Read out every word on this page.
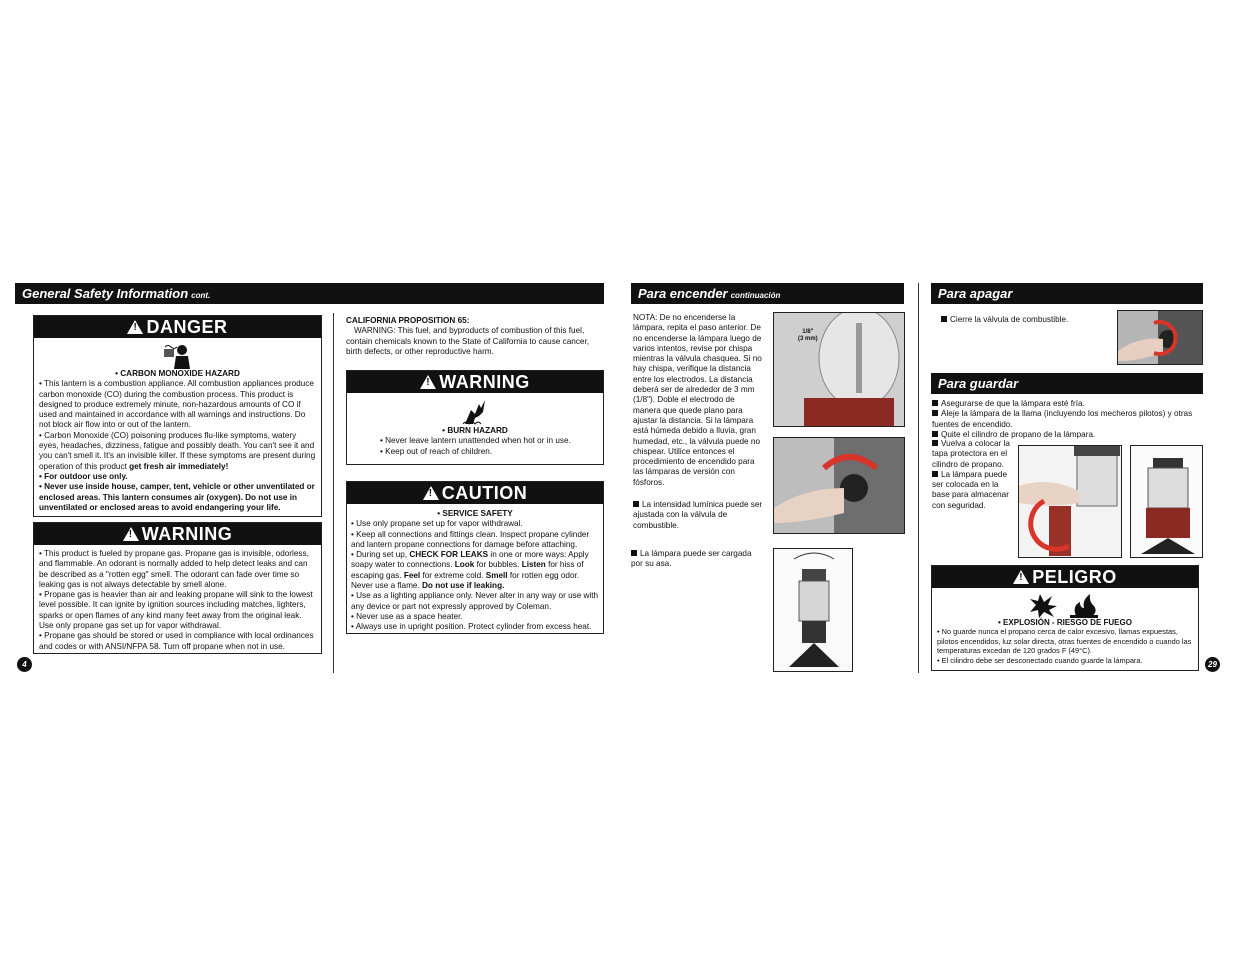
General Safety Information cont.
!DANGER

• CARBON MONOXIDE HAZARD

• This lantern is a combustion appliance. All combustion appliances produce carbon monoxide (CO) during the combustion process. This product is designed to produce extremely minute, non-hazardous amounts of CO if used and maintained in accordance with all warnings and instructions. Do not block air flow into or out of the lantern.

• Carbon Monoxide (CO) poisoning produces flu-like symptoms, watery eyes, headaches, dizziness, fatigue and possibly death. You can't see it and you can't smell it. It's an invisible killer. If these symptoms are present during operation of this product get fresh air immediately!

• For outdoor use only.

• Never use inside house, camper, tent, vehicle or other unventilated or enclosed areas. This lantern consumes air (oxygen). Do not use in unventilated or enclosed areas to avoid endangering your life.

!WARNING

• This product is fueled by propane gas. Propane gas is invisible, odorless, and flammable. An odorant is normally added to help detect leaks and can be described as a "rotten egg" smell. The odorant can fade over time so leaking gas is not always detectable by smell alone.

• Propane gas is heavier than air and leaking propane will sink to the lowest level possible. It can ignite by ignition sources including matches, lighters, sparks or open flames of any kind many feet away from the original leak. Use only propane gas set up for vapor withdrawal.

• Propane gas should be stored or used in compliance with local ordinances and codes or with ANSI/NFPA 58. Turn off propane when not in use.

4

CALIFORNIA PROPOSITION 65:

WARNING: This fuel, and byproducts of combustion of this fuel, contain chemicals known to the State of California to cause cancer, birth defects, or other reproductive harm.

!WARNING

• BURN HAZARD

• Never leave lantern unattended when hot or in use.

• Keep out of reach of children.

!CAUTION

• SERVICE SAFETY

• Use only propane set up for vapor withdrawal.

• Keep all connections and fittings clean. Inspect propane cylinder and lantern propane connections for damage before attaching.

• During set up, CHECK FOR LEAKS in one or more ways: Apply soapy water to connections. Look for bubbles. Listen for hiss of escaping gas. Feel for extreme cold. Smell for rotten egg odor. Never use a flame. Do not use if leaking.

• Use as a lighting appliance only. Never alter in any way or use with any device or part not expressly approved by Coleman.

• Never use as a space heater.

• Always use in upright position. Protect cylinder from excess heat.

Para encender continuación
NOTA: De no encenderse la lámpara, repita el paso anterior. De no encenderse la lámpara luego de varios intentos, revise por chispa mientras la válvula chasquea. Si no hay chispa, verifique la distancia entre los electrodos. La distancia deberá ser de alrededor de 3 mm (1/8"). Doble el electrodo de manera que quede plano para ajustar la distancia. Si la lámpara está húmeda debido a lluvia, gran humedad, etc., la válvula puede no chispear. Utilice entonces el procedimiento de encendido para las lámparas de versión con fósforos.
La intensidad lumínica puede ser ajustada con la válvula de combustible.
La lámpara puede ser cargada por su asa.
1/8"
(3 mm)
Para apagar
Cierre la válvula de combustible.
Para guardar

Asegurarse de que la lámpara esté fría.

Aleje la lámpara de la llama (incluyendo los mecheros pilotos) y otras fuentes de encendido.

Quite el cilindro de propano de la lámpara.

Vuelva a colocar la tapa protectora en el cilindro de propano.

La lámpara puede ser colocada en la base para almacenar con seguridad.

!PELIGRO

• EXPLOSIÓN - RIESGO DE FUEGO

• No guarde nunca el propano cerca de calor excesivo, llamas expuestas, pilotos encendidos, luz solar directa, otras fuentes de encendido o cuando las temperaturas excedan de 120 grados F (49°C).

• El cilindro debe ser desconectado cuando guarde la lámpara.	29
